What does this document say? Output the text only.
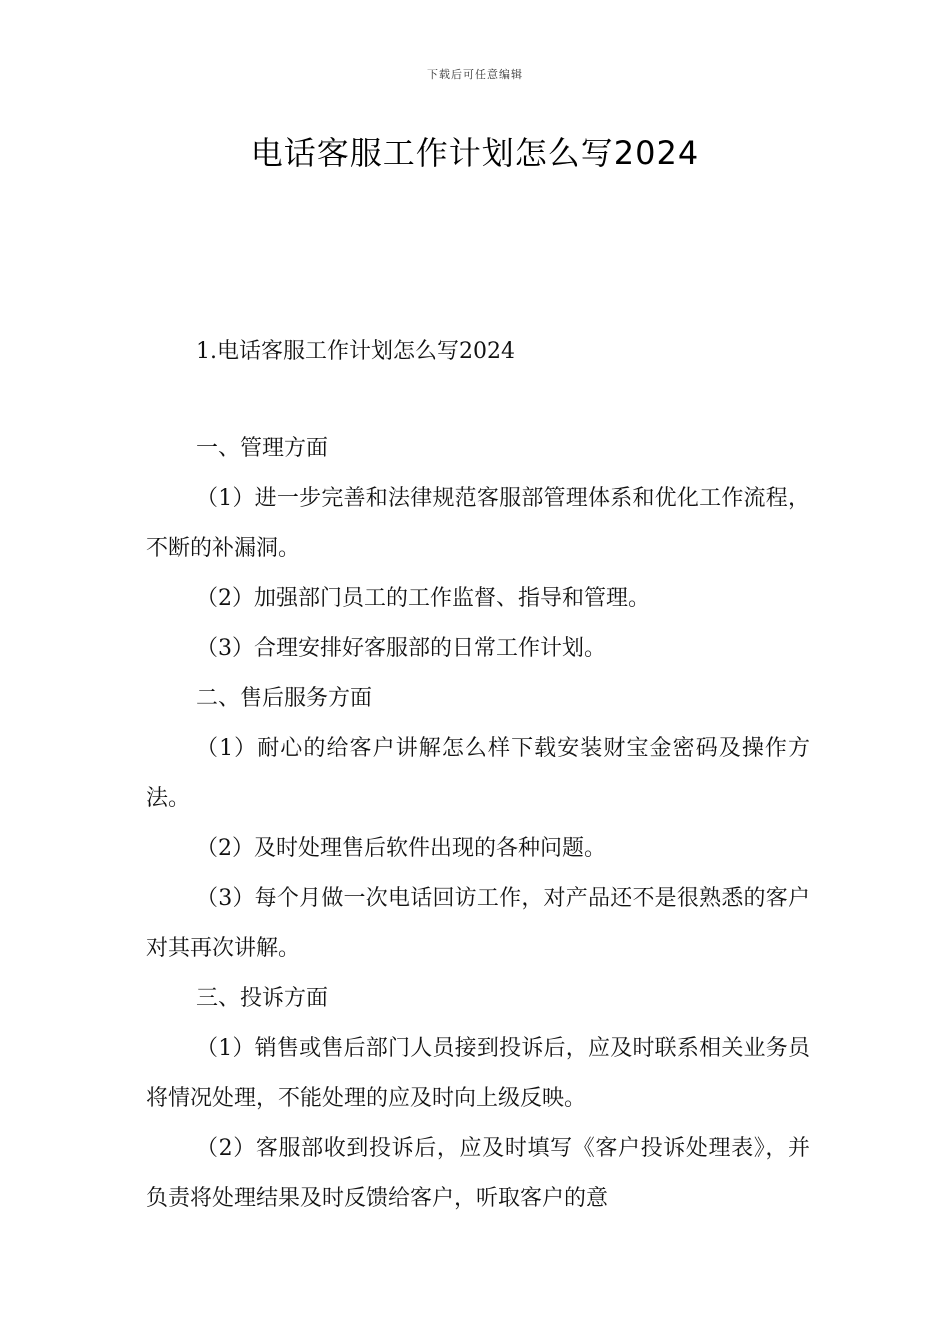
下载后可任意编辑
电话客服工作计划怎么写2024
1.电话客服工作计划怎么写2024

一、管理方面

（1）进一步完善和法律规范客服部管理体系和优化工作流程，不断的补漏洞。

（2）加强部门员工的工作监督、指导和管理。

（3）合理安排好客服部的日常工作计划。

二、售后服务方面

（1）耐心的给客户讲解怎么样下载安装财宝金密码及操作方法。

（2）及时处理售后软件出现的各种问题。

（3）每个月做一次电话回访工作，对产品还不是很熟悉的客户对其再次讲解。

三、投诉方面

（1）销售或售后部门人员接到投诉后，应及时联系相关业务员将情况处理，不能处理的应及时向上级反映。

（2）客服部收到投诉后，应及时填写《客户投诉处理表》，并负责将处理结果及时反馈给客户，听取客户的意
